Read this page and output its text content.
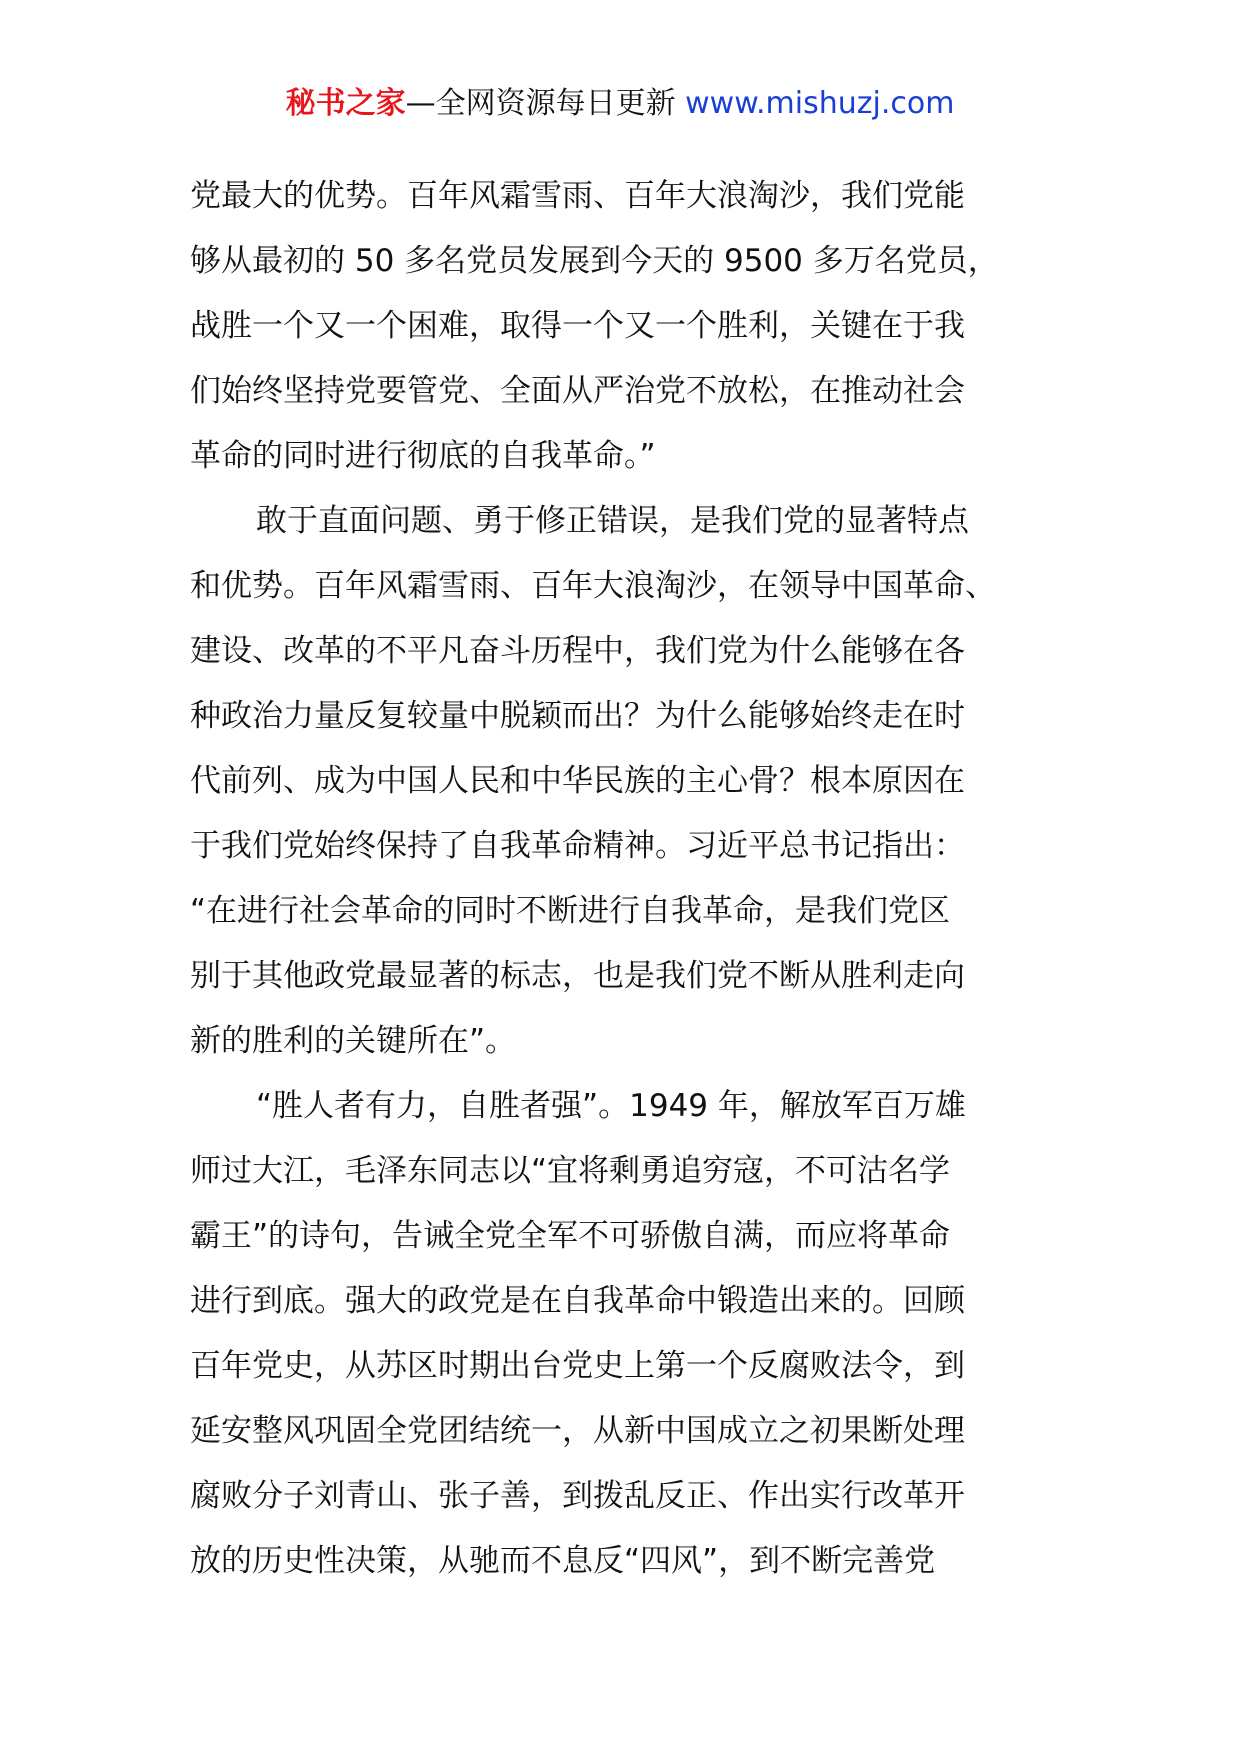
秘书之家—全网资源每日更新 www.mishuzj.com
党最大的优势。百年风霜雪雨、百年大浪淘沙，我们党能
够从最初的 50 多名党员发展到今天的 9500 多万名党员，
战胜一个又一个困难，取得一个又一个胜利，关键在于我
们始终坚持党要管党、全面从严治党不放松，在推动社会
革命的同时进行彻底的自我革命。”
敢于直面问题、勇于修正错误，是我们党的显著特点
和优势。百年风霜雪雨、百年大浪淘沙，在领导中国革命、
建设、改革的不平凡奋斗历程中，我们党为什么能够在各
种政治力量反复较量中脱颖而出？为什么能够始终走在时
代前列、成为中国人民和中华民族的主心骨？根本原因在
于我们党始终保持了自我革命精神。习近平总书记指出：
“在进行社会革命的同时不断进行自我革命，是我们党区
别于其他政党最显著的标志，也是我们党不断从胜利走向
新的胜利的关键所在”。
“胜人者有力，自胜者强”。1949 年，解放军百万雄
师过大江，毛泽东同志以“宜将剩勇追穷寇，不可沽名学
霸王”的诗句，告诫全党全军不可骄傲自满，而应将革命
进行到底。强大的政党是在自我革命中锻造出来的。回顾
百年党史，从苏区时期出台党史上第一个反腐败法令，到
延安整风巩固全党团结统一，从新中国成立之初果断处理
腐败分子刘青山、张子善，到拨乱反正、作出实行改革开
放的历史性决策，从驰而不息反“四风”，到不断完善党
